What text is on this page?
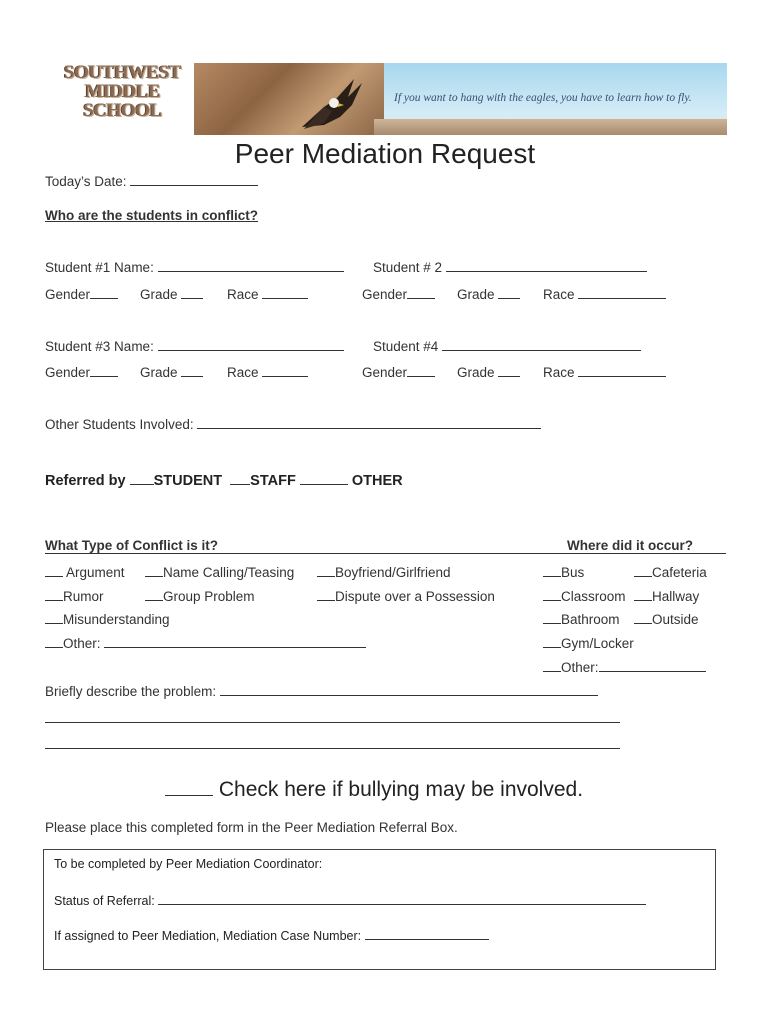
SOUTHWEST
MIDDLE
SCHOOL
If you want to hang with the eagles, you have to learn how to fly.
Peer Mediation Request
Today’s Date:
Who are the students in conflict?
Student #1 Name:	Student # 2
Gender	Grade	Race	Gender	Grade	Race
Student #3 Name:	Student #4
Gender	Grade	Race	Gender	Grade	Race
Other Students Involved:
Referred by STUDENT STAFF	OTHER
What Type of Conflict is it?	Where did it occur?
Argument	Name Calling/Teasing	Boyfriend/Girlfriend
Rumor	Group Problem	Dispute over a Possession
Misunderstanding
Other:
Bus	Cafeteria
Classroom	Hallway
Bathroom	Outside
Gym/Locker
Other:
Briefly describe the problem:
Check here if bullying may be involved.
Please place this completed form in the Peer Mediation Referral Box.
To be completed by Peer Mediation Coordinator:
Status of Referral:
If assigned to Peer Mediation, Mediation Case Number:
